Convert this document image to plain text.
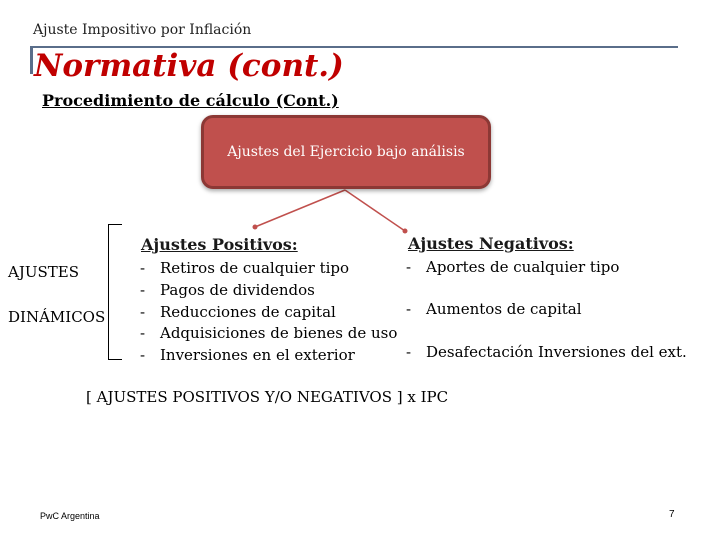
Ajuste Impositivo por Inflación
Normativa (cont.)
Procedimiento de cálculo (Cont.)
Ajustes del Ejercicio bajo análisis
AJUSTES
DINÁMICOS
Ajustes Positivos:	Ajustes Negativos:
- Retiros de cualquier tipo
- Pagos de dividendos
- Reducciones de capital
- Adquisiciones de bienes de uso
- Inversiones en el exterior
- Aportes de cualquier tipo
- Aumentos de capital
- Desafectación Inversiones del ext.
[ AJUSTES POSITIVOS Y/O NEGATIVOS ] x IPC
PwC Argentina	7
